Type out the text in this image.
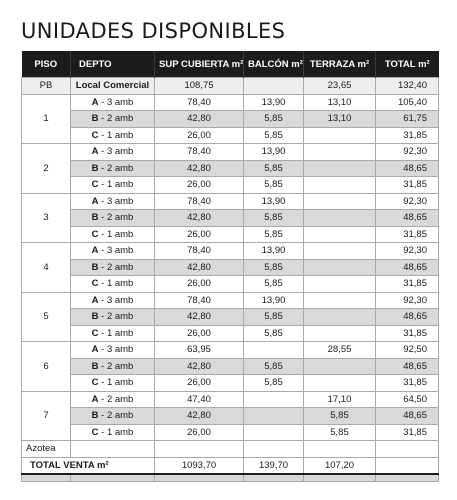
UNIDADES DISPONIBLES
PISO	DEPTO	SUP CUBIERTA m²	BALCÓN m²	TERRAZA m²	TOTAL m²
PB	Local Comercial	108,75		23,65	132,40
1	A - 3 amb	78,40	13,90	13,10	105,40
	B - 2 amb	42,80	5,85	13,10	61,75
	C - 1 amb	26,00	5,85		31,85
2	A - 3 amb	78,40	13,90		92,30
	B - 2 amb	42,80	5,85		48,65
	C - 1 amb	26,00	5,85		31,85
3	A - 3 amb	78,40	13,90		92,30
	B - 2 amb	42,80	5,85		48,65
	C - 1 amb	26,00	5,85		31,85
4	A - 3 amb	78,40	13,90		92,30
	B - 2 amb	42,80	5,85		48,65
	C - 1 amb	26,00	5,85		31,85
5	A - 3 amb	78,40	13,90		92,30
	B - 2 amb	42,80	5,85		48,65
	C - 1 amb	26,00	5,85		31,85
6	A - 3 amb	63,95		28,55	92,50
	B - 2 amb	42,80	5,85		48,65
	C - 1 amb	26,00	5,85		31,85
7	A - 2 amb	47,40		17,10	64,50
	B - 2 amb	42,80		5,85	48,65
	C - 1 amb	26,00		5,85	31,85
Azotea					
TOTAL VENTA m²		1093,70	139,70	107,20	
